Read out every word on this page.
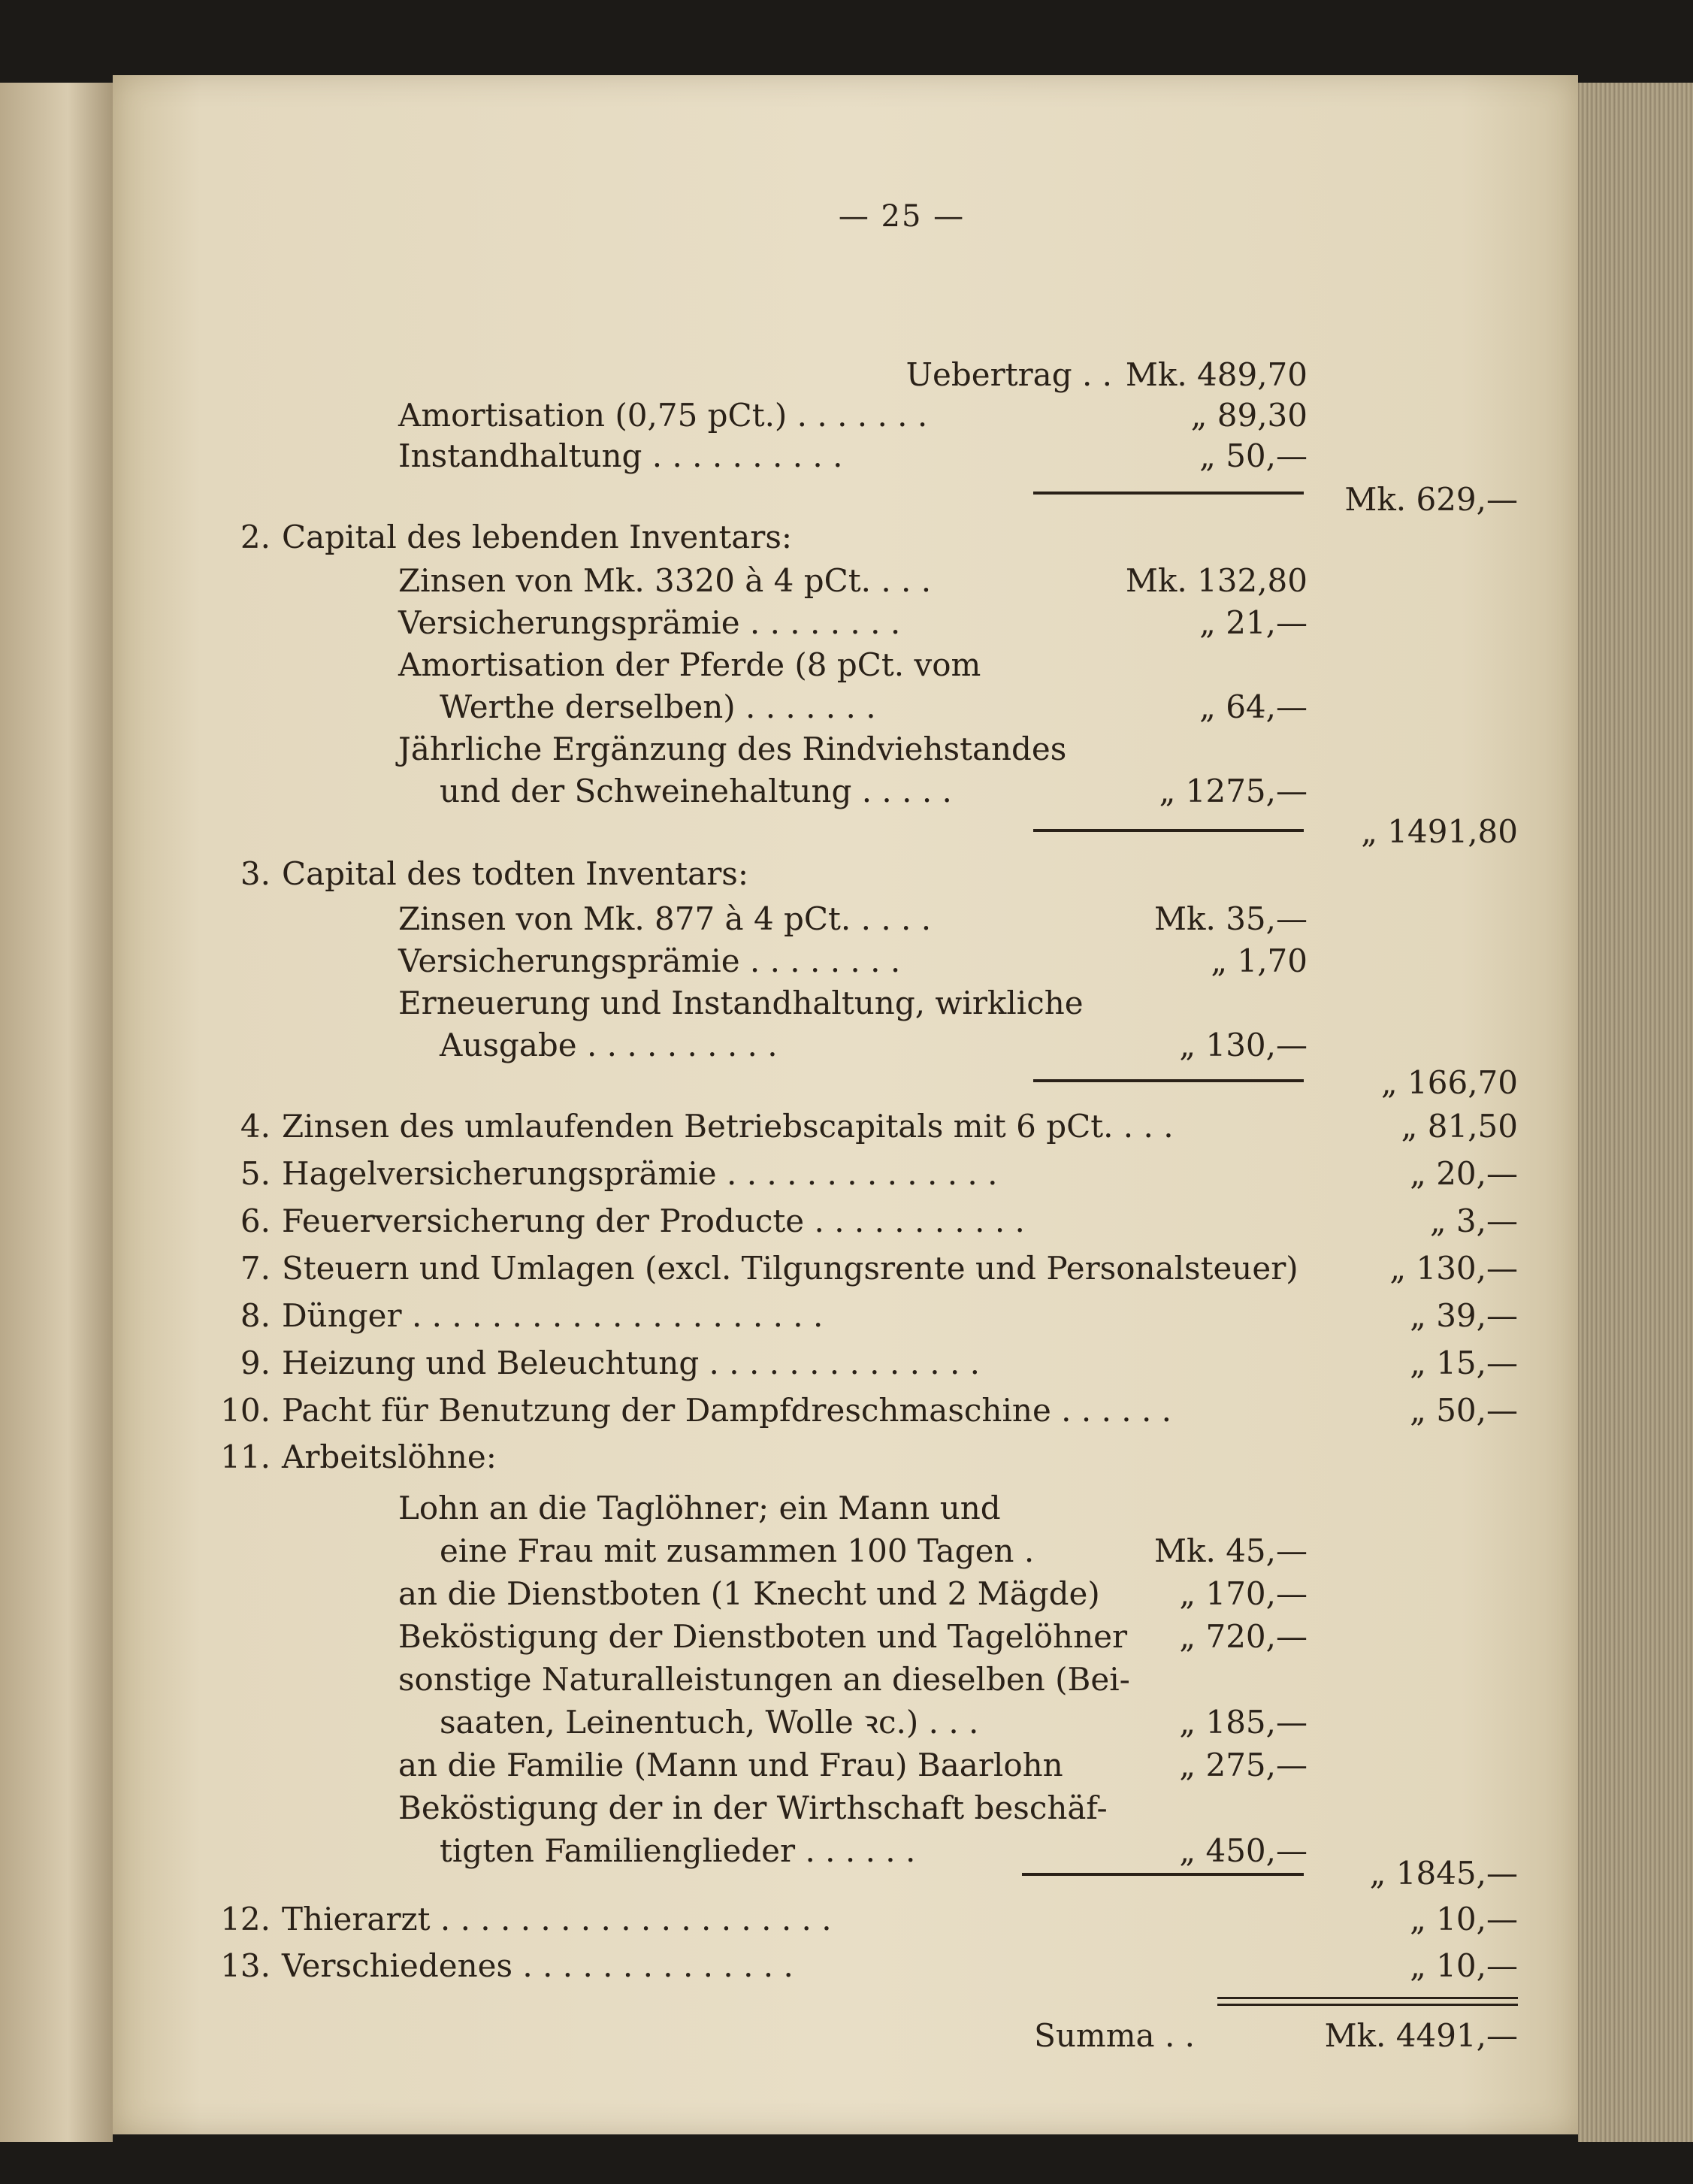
— 25 —
Uebertrag . . Mk. 489,70
Amortisation (0,75 pCt.) . . . . . . .	„ 89,30
Instandhaltung . . . . . . . . . .	„ 50,—
Mk. 629,—
2. Capital des lebenden Inventars:
Zinsen von Mk. 3320 à 4 pCt. . . .	Mk. 132,80
Versicherungsprämie . . . . . . . .	„ 21,—
Amortisation der Pferde (8 pCt. vom
Werthe derselben) . . . . . . .	„ 64,—
Jährliche Ergänzung des Rindviehstandes
und der Schweinehaltung . . . . .	„ 1275,—
„ 1491,80
3. Capital des todten Inventars:
Zinsen von Mk. 877 à 4 pCt. . . . .	Mk. 35,—
Versicherungsprämie . . . . . . . .	„ 1,70
Erneuerung und Instandhaltung, wirkliche
Ausgabe . . . . . . . . . .	„ 130,—
„ 166,70
4. Zinsen des umlaufenden Betriebscapitals mit 6 pCt. . . .	„ 81,50
5. Hagelversicherungsprämie . . . . . . . . . . . . . .	„ 20,—
6. Feuerversicherung der Producte . . . . . . . . . . .	„ 3,—
7. Steuern und Umlagen (excl. Tilgungsrente und Personalsteuer)	„ 130,—
8. Dünger . . . . . . . . . . . . . . . . . . . . .	„ 39,—
9. Heizung und Beleuchtung . . . . . . . . . . . . . .	„ 15,—
10. Pacht für Benutzung der Dampfdreschmaschine . . . . . .	„ 50,—
11. Arbeitslöhne:
Lohn an die Taglöhner; ein Mann und
eine Frau mit zusammen 100 Tagen .	Mk. 45,—
an die Dienstboten (1 Knecht und 2 Mägde)	„ 170,—
Beköstigung der Dienstboten und Tagelöhner „ 720,—
sonstige Naturalleistungen an dieselben (Bei-
saaten, Leinentuch, Wolle ꝛc.) . . .	„ 185,—
an die Familie (Mann und Frau) Baarlohn	„ 275,—
Beköstigung der in der Wirthschaft beschäf-
tigten Familienglieder . . . . . .	„ 450,—
„ 1845,—
12. Thierarzt . . . . . . . . . . . . . . . . . . . .	„ 10,—
13. Verschiedenes . . . . . . . . . . . . . .	„ 10,—
Summa . .	Mk. 4491,—
